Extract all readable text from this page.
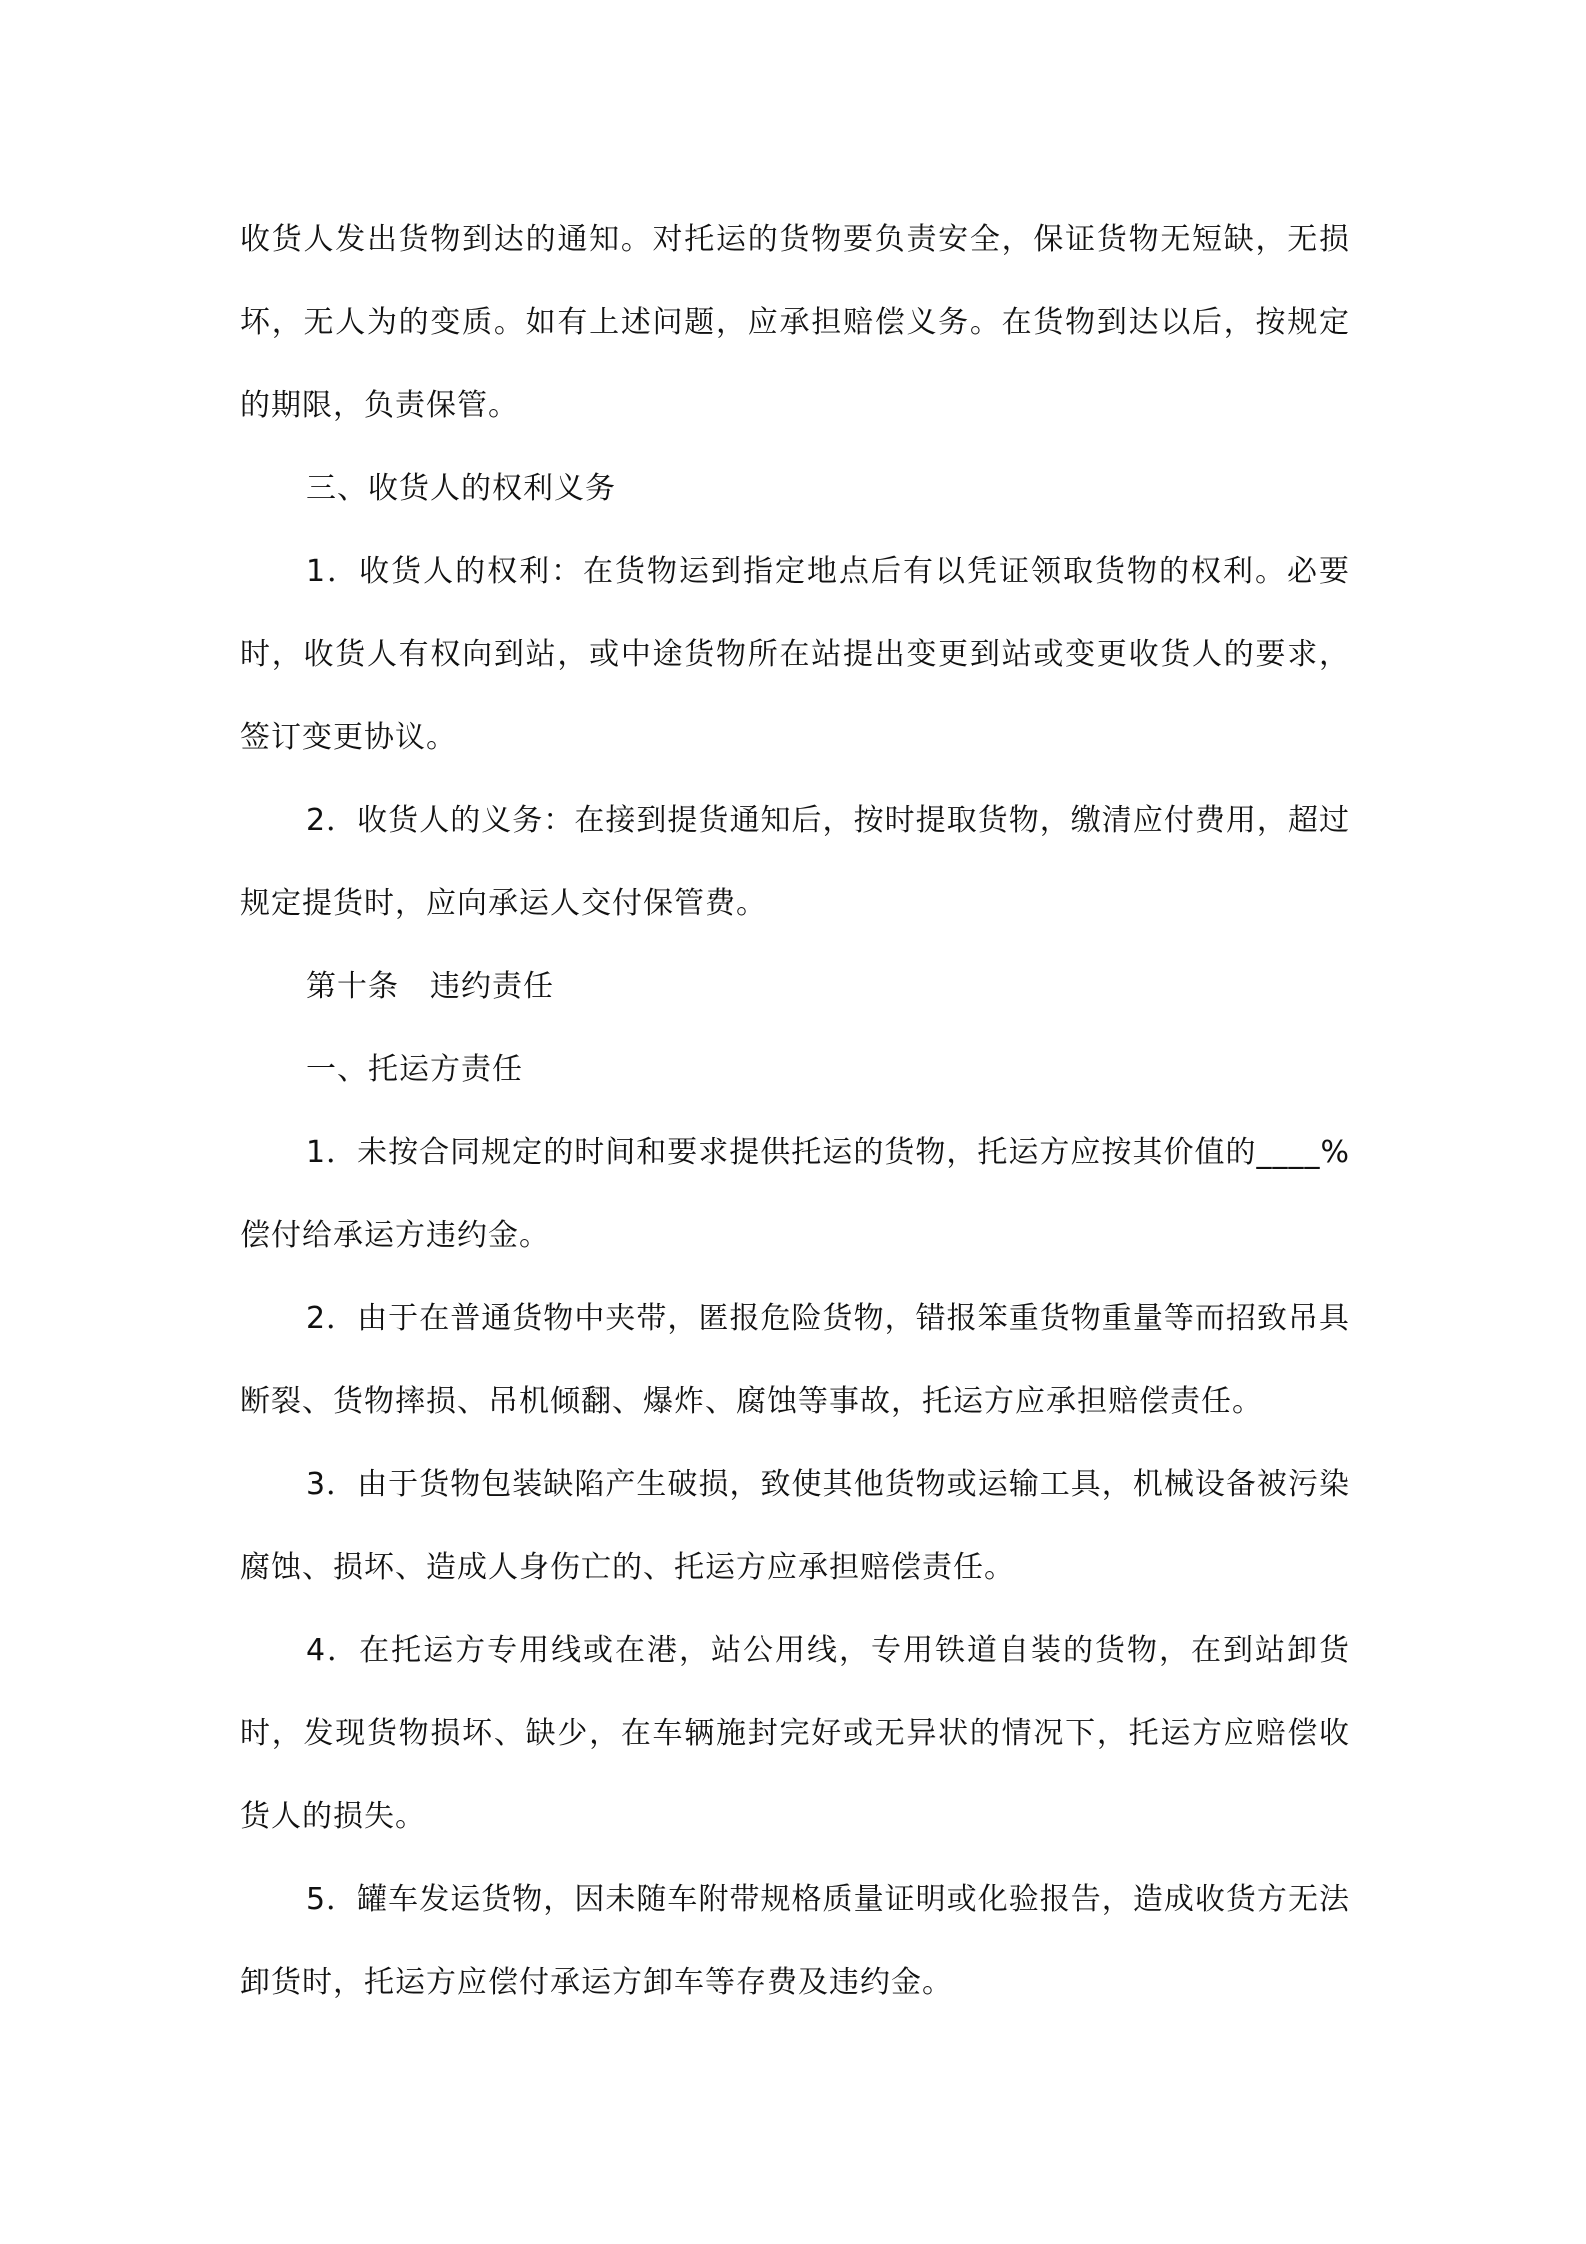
收货人发出货物到达的通知。对托运的货物要负责安全，保证货物无短缺，无损坏，无人为的变质。如有上述问题，应承担赔偿义务。在货物到达以后，按规定的期限，负责保管。

三、收货人的权利义务

1．收货人的权利：在货物运到指定地点后有以凭证领取货物的权利。必要时，收货人有权向到站，或中途货物所在站提出变更到站或变更收货人的要求，签订变更协议。

2．收货人的义务：在接到提货通知后，按时提取货物，缴清应付费用，超过规定提货时，应向承运人交付保管费。

第十条　违约责任

一、托运方责任

1．未按合同规定的时间和要求提供托运的货物，托运方应按其价值的____%偿付给承运方违约金。

2．由于在普通货物中夹带，匿报危险货物，错报笨重货物重量等而招致吊具断裂、货物摔损、吊机倾翻、爆炸、腐蚀等事故，托运方应承担赔偿责任。

3．由于货物包装缺陷产生破损，致使其他货物或运输工具，机械设备被污染腐蚀、损坏、造成人身伤亡的、托运方应承担赔偿责任。

4．在托运方专用线或在港，站公用线，专用铁道自装的货物，在到站卸货时，发现货物损坏、缺少，在车辆施封完好或无异状的情况下，托运方应赔偿收货人的损失。

5．罐车发运货物，因未随车附带规格质量证明或化验报告，造成收货方无法卸货时，托运方应偿付承运方卸车等存费及违约金。
